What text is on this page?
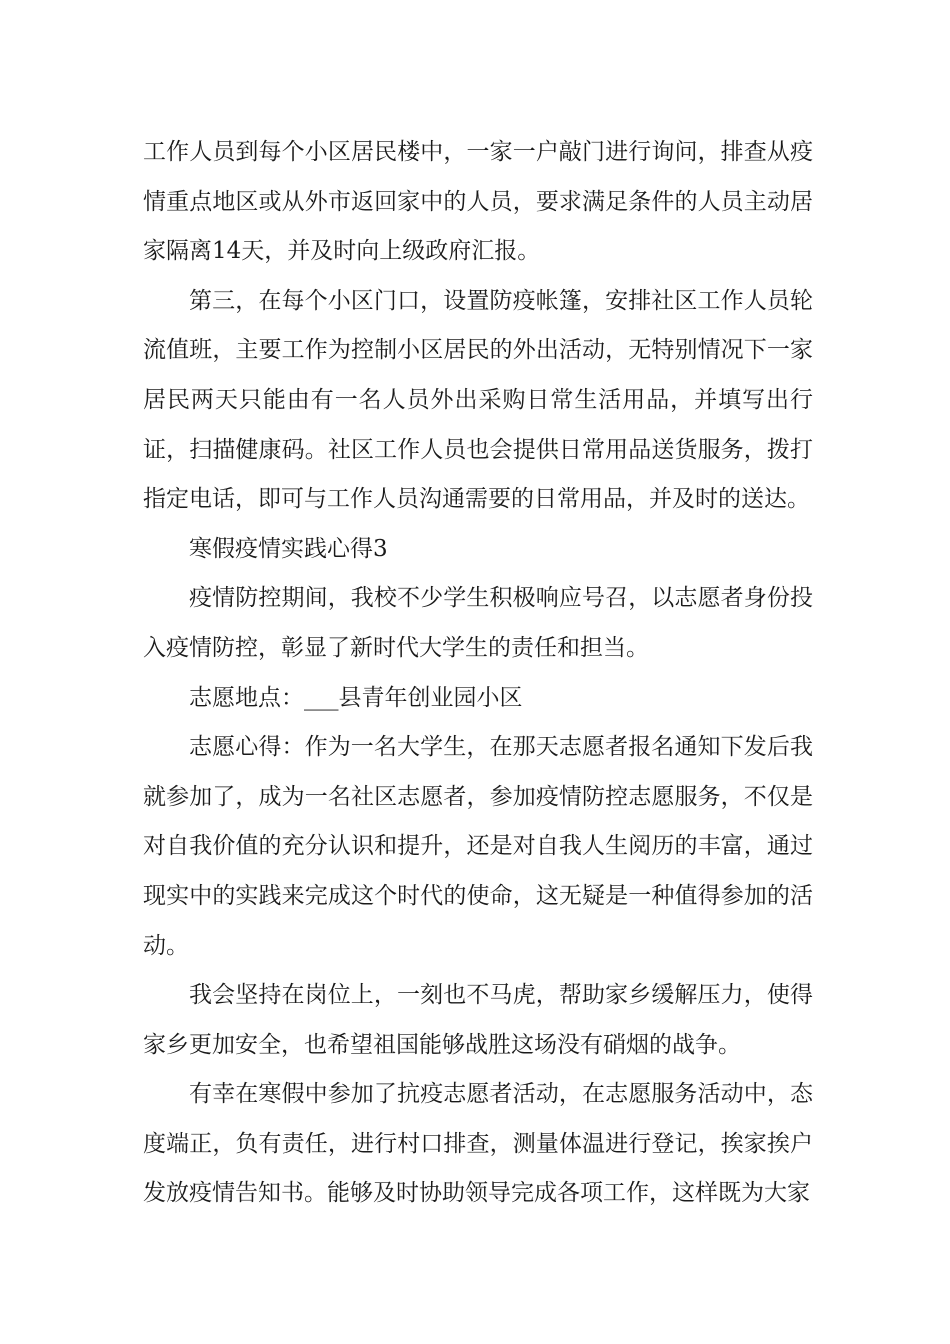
工作人员到每个小区居民楼中，一家一户敲门进行询问，排查从疫情重点地区或从外市返回家中的人员，要求满足条件的人员主动居家隔离14天，并及时向上级政府汇报。

第三，在每个小区门口，设置防疫帐篷，安排社区工作人员轮流值班，主要工作为控制小区居民的外出活动，无特别情况下一家居民两天只能由有一名人员外出采购日常生活用品，并填写出行证，扫描健康码。社区工作人员也会提供日常用品送货服务，拨打指定电话，即可与工作人员沟通需要的日常用品，并及时的送达。

寒假疫情实践心得3

疫情防控期间，我校不少学生积极响应号召，以志愿者身份投入疫情防控，彰显了新时代大学生的责任和担当。

志愿地点：___县青年创业园小区

志愿心得：作为一名大学生，在那天志愿者报名通知下发后我就参加了，成为一名社区志愿者，参加疫情防控志愿服务，不仅是对自我价值的充分认识和提升，还是对自我人生阅历的丰富，通过现实中的实践来完成这个时代的使命，这无疑是一种值得参加的活动。

我会坚持在岗位上，一刻也不马虎，帮助家乡缓解压力，使得家乡更加安全，也希望祖国能够战胜这场没有硝烟的战争。

有幸在寒假中参加了抗疫志愿者活动，在志愿服务活动中，态度端正，负有责任，进行村口排查，测量体温进行登记，挨家挨户发放疫情告知书。能够及时协助领导完成各项工作，这样既为大家
